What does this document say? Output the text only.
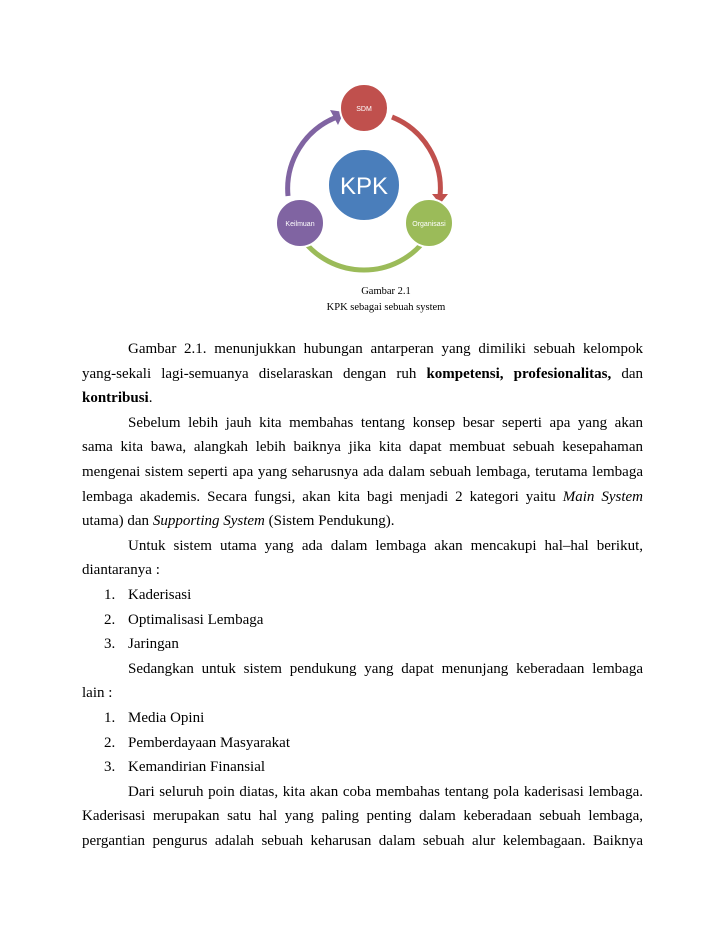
KPK
SDM
Organisasi
Keilmuan
Gambar 2.1
KPK sebagai sebuah system
Gambar 2.1. menunjukkan hubungan antarperan yang dimiliki sebuah kelompok
yang-sekali lagi-semuanya diselaraskan dengan ruh kompetensi, profesionalitas, dan
kontribusi.
Sebelum lebih jauh kita membahas tentang konsep besar seperti apa yang akan
sama kita bawa, alangkah lebih baiknya jika kita dapat membuat sebuah kesepahaman
mengenai sistem seperti apa yang seharusnya ada dalam sebuah lembaga, terutama lembaga
lembaga akademis. Secara fungsi, akan kita bagi menjadi 2 kategori yaitu Main System
utama) dan Supporting System (Sistem Pendukung).
Untuk sistem utama yang ada dalam lembaga akan mencakupi hal–hal berikut,
diantaranya :
1. Kaderisasi
2. Optimalisasi Lembaga
3. Jaringan
Sedangkan untuk sistem pendukung yang dapat menunjang keberadaan lembaga
lain :
1. Media Opini
2. Pemberdayaan Masyarakat
3. Kemandirian Finansial
Dari seluruh poin diatas, kita akan coba membahas tentang pola kaderisasi lembaga.
Kaderisasi merupakan satu hal yang paling penting dalam keberadaan sebuah lembaga,
pergantian pengurus adalah sebuah keharusan dalam sebuah alur kelembagaan. Baiknya
